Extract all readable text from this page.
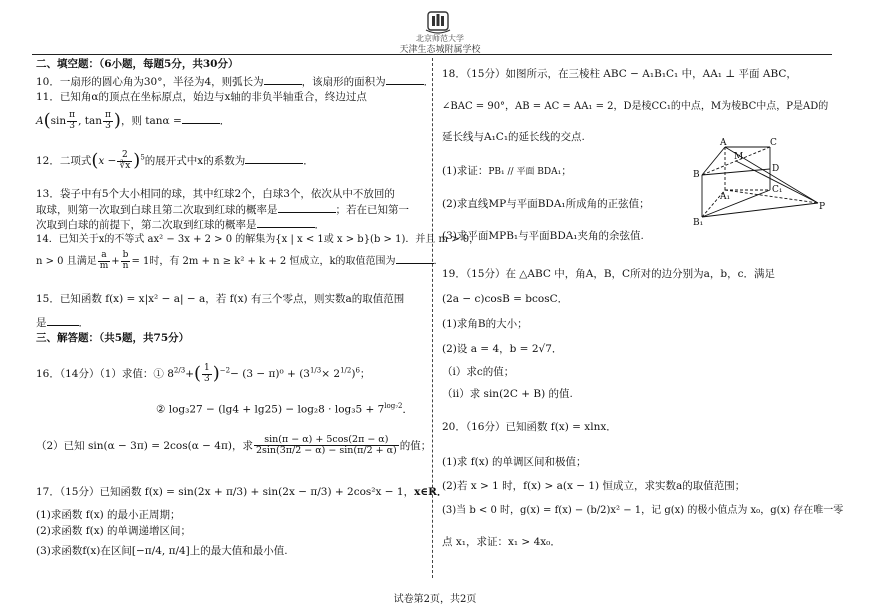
北京师范大学
天津生态城附属学校
二、填空题：（6小题，每题5分，共30分）
10．一扇形的圆心角为30°，半径为4，则弧长为	，该扇形的面积为	．
11．已知角α的顶点在坐标原点，始边与x轴的非负半轴重合，终边过点
$A(\sin \frac{\pi}{3}$ , $\tan \frac{\pi}{3}$ )，则 tanα =	．
12．二项式$(x - \frac{2}{∛x} )^5$的展开式中x的系数为	．
13．袋子中有5个大小相同的球，其中红球2个，白球3个，依次从中不放回的
取球，则第一次取到白球且第二次取到红球的概率是	；若在已知第一
次取到白球的前提下，第二次取到红球的概率是	．
14．已知关于x的不等式 ax² − 3x + 2 > 0 的解集为{x | x < 1或 x > b}(b > 1)．并且 m > 0，
n > 0 且满足 $\frac{a}{m} + \frac{b}{n} = 1$时，有 2m + n ≥ k² + k + 2 恒成立，k的取值范围为	．
15．已知函数 f(x) = x|x² − a| − a，若 f(x) 有三个零点，则实数a的取值范围
是	．
三、解答题：（共5题，共75分）
16．（14分）（1）求值：① $8^{2/3}+( \frac{1}{3} )^{-2}- (3 - \pi)^0 + (3^{1/3}\times 2^{1/2})^6$；
② $\log_327 - (\lg 4 + \lg 25) - \log_28 \cdot \log_35 + 7^{log_72}$．
（2）已知 sin(α − 3π) = 2cos(α − 4π)，求 $\frac{\sin(\pi - \alpha) + 5\cos(2\pi - \alpha)}{2\sin(3\pi/2 - \alpha) - \sin(\pi/2 + \alpha)}$ 的值；
17．（15分）已知函数 f(x) = sin(2x + π/3) + sin(2x − π/3) + 2cos²x − 1，x∈R．
(1)求函数 f(x) 的最小正周期；
(2)求函数 f(x) 的单调递增区间；
(3)求函数f(x)在区间[−π/4, π/4]上的最大值和最小值.
18．（15分）如图所示，在三棱柱 ABC − A₁B₁C₁ 中，AA₁ ⊥ 平面 ABC，
∠BAC = 90°，AB = AC = AA₁ = 2，D是棱CC₁的中点，M为棱BC中点，P是AD的
延长线与A₁C₁的延长线的交点.
(1)求证：PB₁ // 平面 BDA₁；
(2)求直线MP与平面BDA₁所成角的正弦值；
(3)求平面MPB₁与平面BDA₁夹角的余弦值.
19．（15分）在 △ABC 中，角A，B，C所对的边分别为a，b，c．满足
(2a − c)cosB = bcosC．
(1)求角B的大小；
(2)设 a = 4，b = 2√7．
（i）求c的值；
（ii）求 sin(2C + B) 的值.
20．（16分）已知函数 f(x) = xlnx．
(1)求 f(x) 的单调区间和极值；
(2)若 x > 1 时，f(x) > a(x − 1) 恒成立，求实数a的取值范围；
(3)当 b < 0 时，g(x) = f(x) − (b/2)x² − 1，记 g(x) 的极小值点为 x₀，g(x) 存在唯一零
点 x₁，求证：x₁ > 4x₀．
A	C
M
D
B
C₁
A₁
B₁
P
试卷第2页，共2页
